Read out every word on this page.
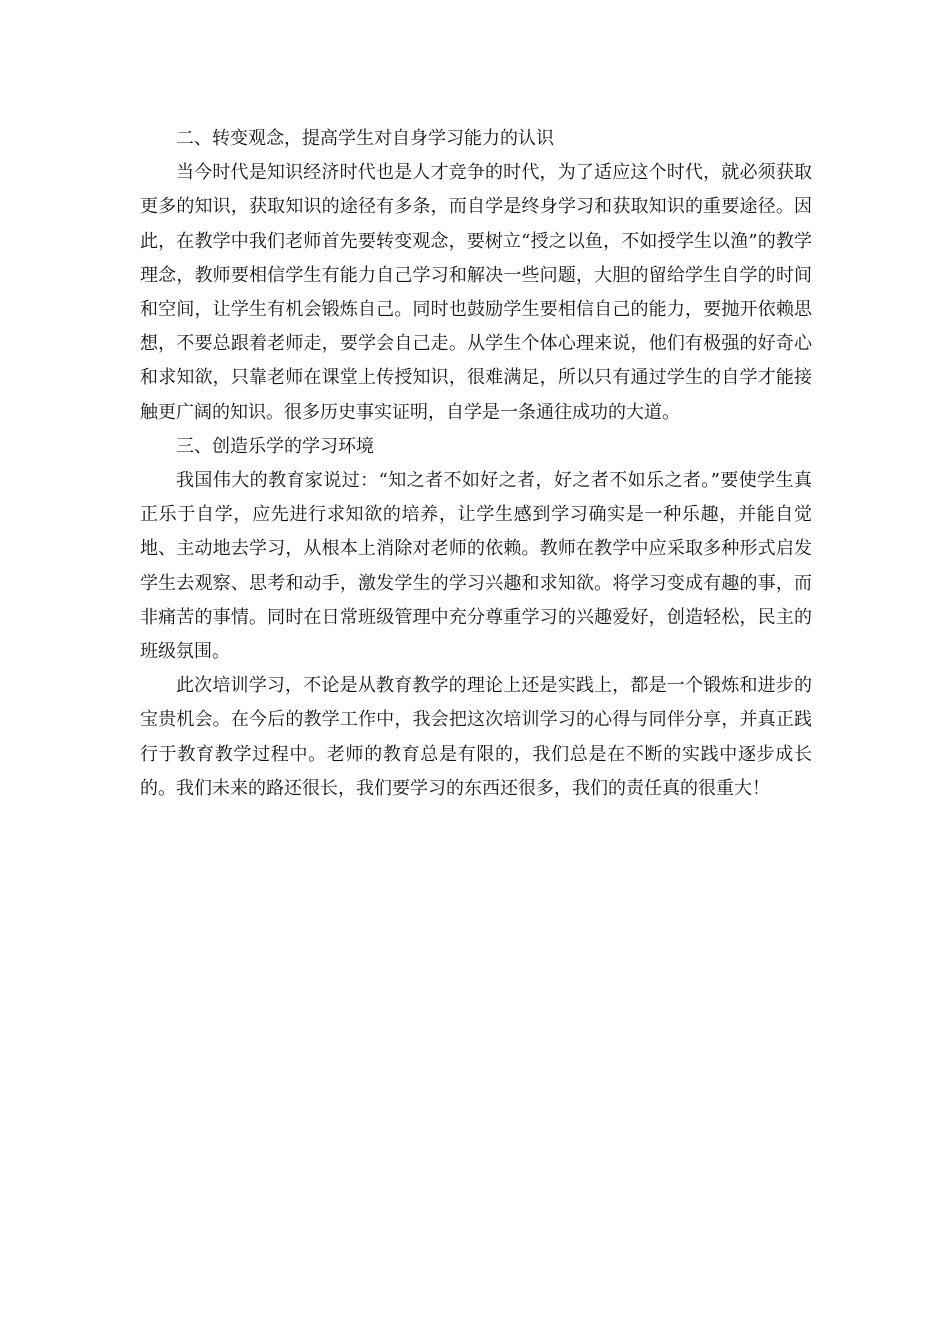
二、转变观念，提高学生对自身学习能力的认识

当今时代是知识经济时代也是人才竞争的时代，为了适应这个时代，就必须获取更多的知识，获取知识的途径有多条，而自学是终身学习和获取知识的重要途径。因此，在教学中我们老师首先要转变观念，要树立“授之以鱼，不如授学生以渔”的教学理念，教师要相信学生有能力自己学习和解决一些问题，大胆的留给学生自学的时间和空间，让学生有机会锻炼自己。同时也鼓励学生要相信自己的能力，要抛开依赖思想，不要总跟着老师走，要学会自己走。从学生个体心理来说，他们有极强的好奇心和求知欲，只靠老师在课堂上传授知识，很难满足，所以只有通过学生的自学才能接触更广阔的知识。很多历史事实证明，自学是一条通往成功的大道。

三、创造乐学的学习环境

我国伟大的教育家说过：“知之者不如好之者，好之者不如乐之者。”要使学生真正乐于自学，应先进行求知欲的培养，让学生感到学习确实是一种乐趣，并能自觉地、主动地去学习，从根本上消除对老师的依赖。教师在教学中应采取多种形式启发学生去观察、思考和动手，激发学生的学习兴趣和求知欲。将学习变成有趣的事，而非痛苦的事情。同时在日常班级管理中充分尊重学习的兴趣爱好，创造轻松，民主的班级氛围。

此次培训学习，不论是从教育教学的理论上还是实践上，都是一个锻炼和进步的宝贵机会。在今后的教学工作中，我会把这次培训学习的心得与同伴分享，并真正践行于教育教学过程中。老师的教育总是有限的，我们总是在不断的实践中逐步成长的。我们未来的路还很长，我们要学习的东西还很多，我们的责任真的很重大！
